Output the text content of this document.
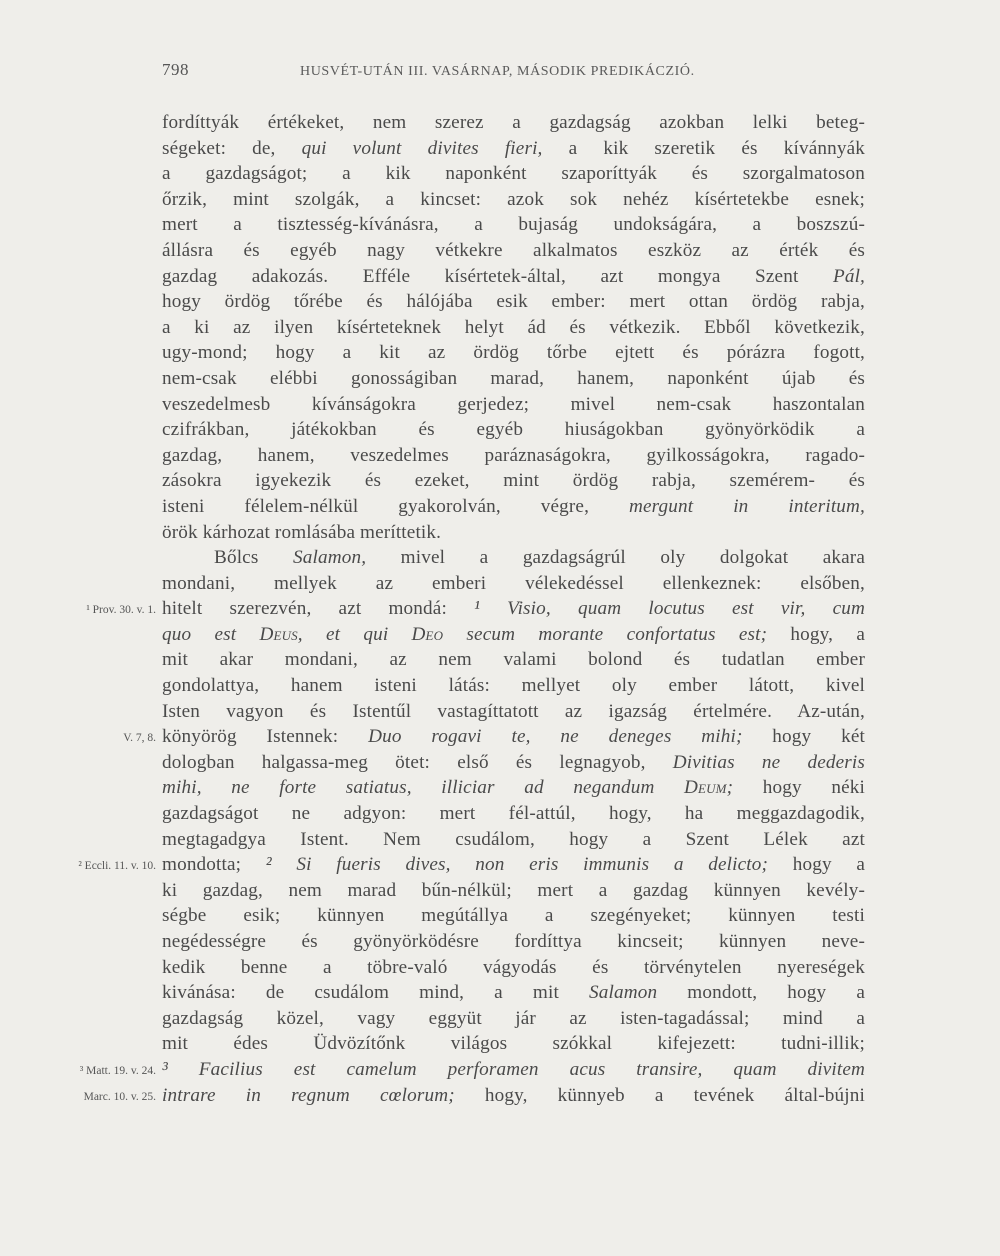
798	HUSVÉT-UTÁN III. VASÁRNAP, MÁSODIK PREDIKÁCZIÓ.
fordíttyák értékeket, nem szerez a gazdagság azokban lelki beteg-
ségeket: de, qui volunt divites fieri, a kik szeretik és kívánnyák
a gazdagságot; a kik naponként szaporíttyák és szorgalmatoson
őrzik, mint szolgák, a kincset: azok sok nehéz kísértetekbe esnek;
mert a tisztesség-kívánásra, a bujaság undokságára, a boszszú-
állásra és egyéb nagy vétkekre alkalmatos eszköz az érték és
gazdag adakozás. Efféle kísértetek-által, azt mongya Szent Pál,
hogy ördög tőrébe és hálójába esik ember: mert ottan ördög rabja,
a ki az ilyen kísérteteknek helyt ád és vétkezik. Ebből következik,
ugy-mond; hogy a kit az ördög tőrbe ejtett és pórázra fogott,
nem-csak elébbi gonosságiban marad, hanem, naponként újab és
veszedelmesb kívánságokra gerjedez; mivel nem-csak haszontalan
czifrákban, játékokban és egyéb hiuságokban gyönyörködik a
gazdag, hanem, veszedelmes paráznaságokra, gyilkosságokra, ragado-
zásokra igyekezik és ezeket, mint ördög rabja, szemérem- és
isteni félelem-nélkül gyakorolván, végre, mergunt in interitum,
örök kárhozat romlásába meríttetik.
Bőlcs Salamon, mivel a gazdagságrúl oly dolgokat akara
mondani, mellyek az emberi vélekedéssel ellenkeznek: elsőben,
hitelt szerezvén, azt mondá: ¹ Visio, quam locutus est vir, cum
quo est Deus, et qui Deo secum morante confortatus est; hogy, a
mit akar mondani, az nem valami bolond és tudatlan ember
gondolattya, hanem isteni látás: mellyet oly ember látott, kivel
Isten vagyon és Istentűl vastagíttatott az igazság értelmére. Az-után,
könyörög Istennek: Duo rogavi te, ne deneges mihi; hogy két
dologban halgassa-meg ötet: első és legnagyob, Divitias ne dederis
mihi, ne forte satiatus, illiciar ad negandum Deum; hogy néki
gazdagságot ne adgyon: mert fél-attúl, hogy, ha meggazdagodik,
megtagadgya Istent. Nem csudálom, hogy a Szent Lélek azt
mondotta; ² Si fueris dives, non eris immunis a delicto; hogy a
ki gazdag, nem marad bűn-nélkül; mert a gazdag künnyen kevély-
ségbe esik; künnyen megútállya a szegényeket; künnyen testi
negédességre és gyönyörködésre fordíttya kincseit; künnyen neve-
kedik benne a töbre-való vágyodás és törvénytelen nyereségek
kivánása: de csudálom mind, a mit Salamon mondott, hogy a
gazdagság közel, vagy eggyüt jár az isten-tagadással; mind a
mit édes Üdvözítőnk világos szókkal kifejezett: tudni-illik;
³ Facilius est camelum perforamen acus transire, quam divitem
intrare in regnum cœlorum; hogy, künnyeb a tevének által-bújni
¹ Prov. 30. v. 1.
V. 7, 8.
² Eccli. 11. v. 10.
³ Matt. 19. v. 24.
Marc. 10. v. 25.
